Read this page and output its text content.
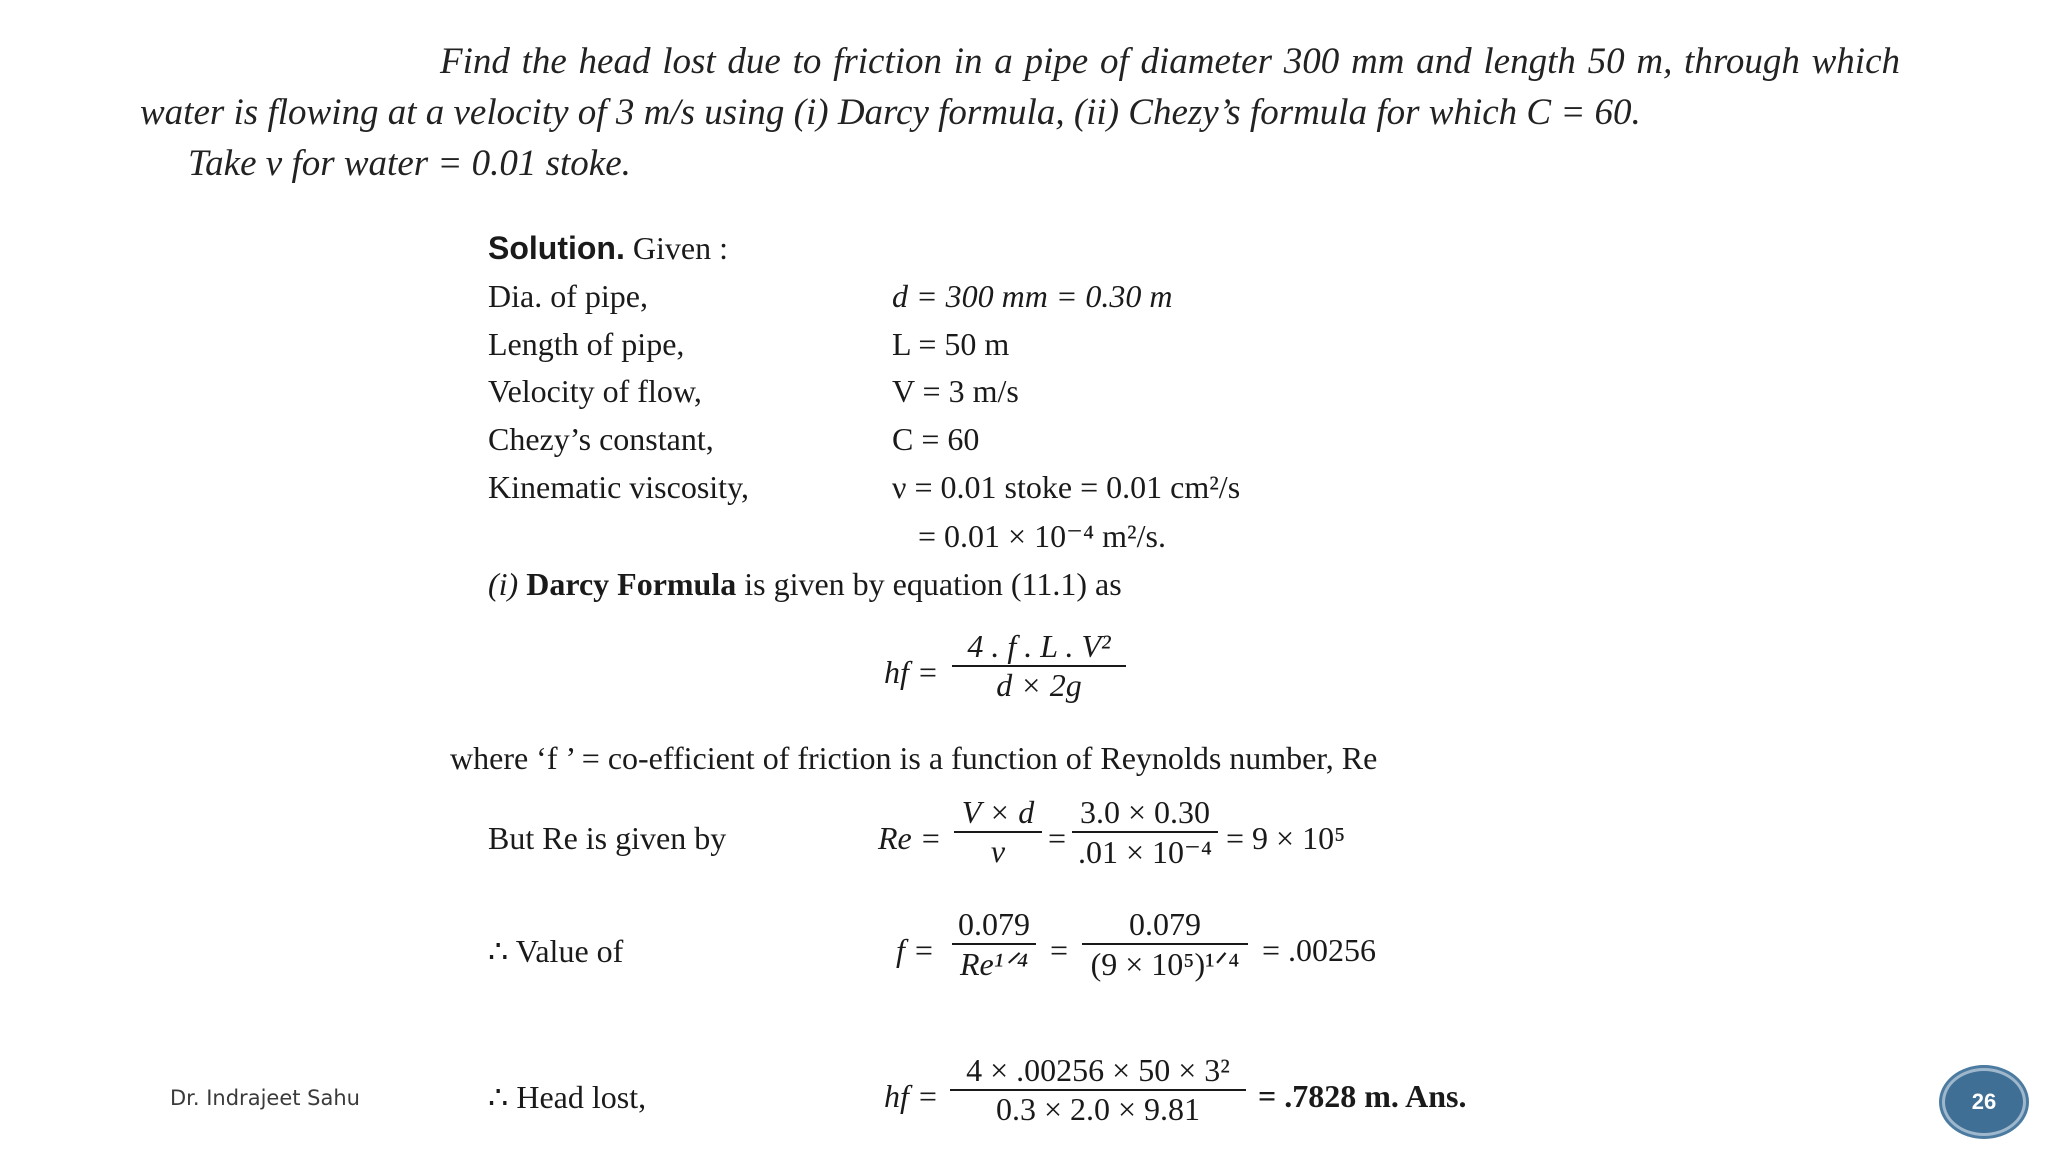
Find the head lost due to friction in a pipe of diameter 300 mm and length 50 m, through which water is flowing at a velocity of 3 m/s using (i) Darcy formula, (ii) Chezy’s formula for which C = 60.
Take ν for water = 0.01 stoke.
Solution. Given :
Dia. of pipe,	d = 300 mm = 0.30 m
Length of pipe,	L = 50 m
Velocity of flow,	V = 3 m/s
Chezy’s constant,	C = 60
Kinematic viscosity,	ν = 0.01 stoke = 0.01 cm²/s
= 0.01 × 10⁻⁴ m²/s.
(i) Darcy Formula is given by equation (11.1) as
hf =
4 . f . L . V²
d × 2g
where ‘f ’ = co-efficient of friction is a function of Reynolds number, Re
But Re is given by	Re =
V × d
ν	=
3.0 × 0.30
.01 × 10⁻⁴ = 9 × 10⁵
∴ Value of	f =
0.079
Re¹ᐟ⁴ =
0.079
(9 × 10⁵)¹ᐟ⁴ = .00256
∴ Head lost,	hf =
4 × .00256 × 50 × 3²
0.3 × 2.0 × 9.81	= .7828 m. Ans.
Dr. Indrajeet Sahu	26
